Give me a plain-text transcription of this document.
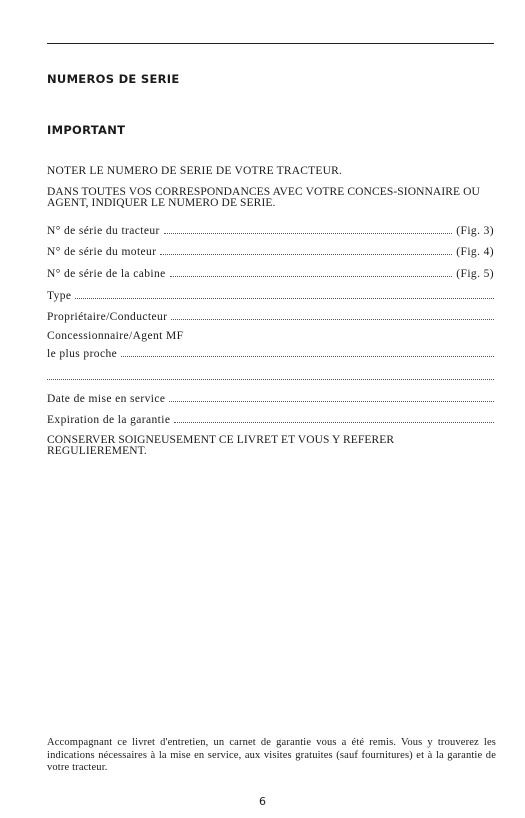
NUMEROS DE SERIE
IMPORTANT
NOTER LE NUMERO DE SERIE DE VOTRE TRACTEUR.
DANS TOUTES VOS CORRESPONDANCES AVEC VOTRE CONCES-SIONNAIRE OU AGENT, INDIQUER LE NUMERO DE SERIE.
N° de série du tracteur	(Fig. 3)
N° de série du moteur	(Fig. 4)
N° de série de la cabine	(Fig. 5)
Type
Propriétaire/Conducteur
Concessionnaire/Agent MF
le plus proche
Date de mise en service
Expiration de la garantie
CONSERVER SOIGNEUSEMENT CE LIVRET ET VOUS Y REFERER REGULIEREMENT.
Accompagnant ce livret d'entretien, un carnet de garantie vous a été remis. Vous y trouverez les indications nécessaires à la mise en service, aux visites gratuites (sauf fournitures) et à la garantie de votre tracteur.
6
